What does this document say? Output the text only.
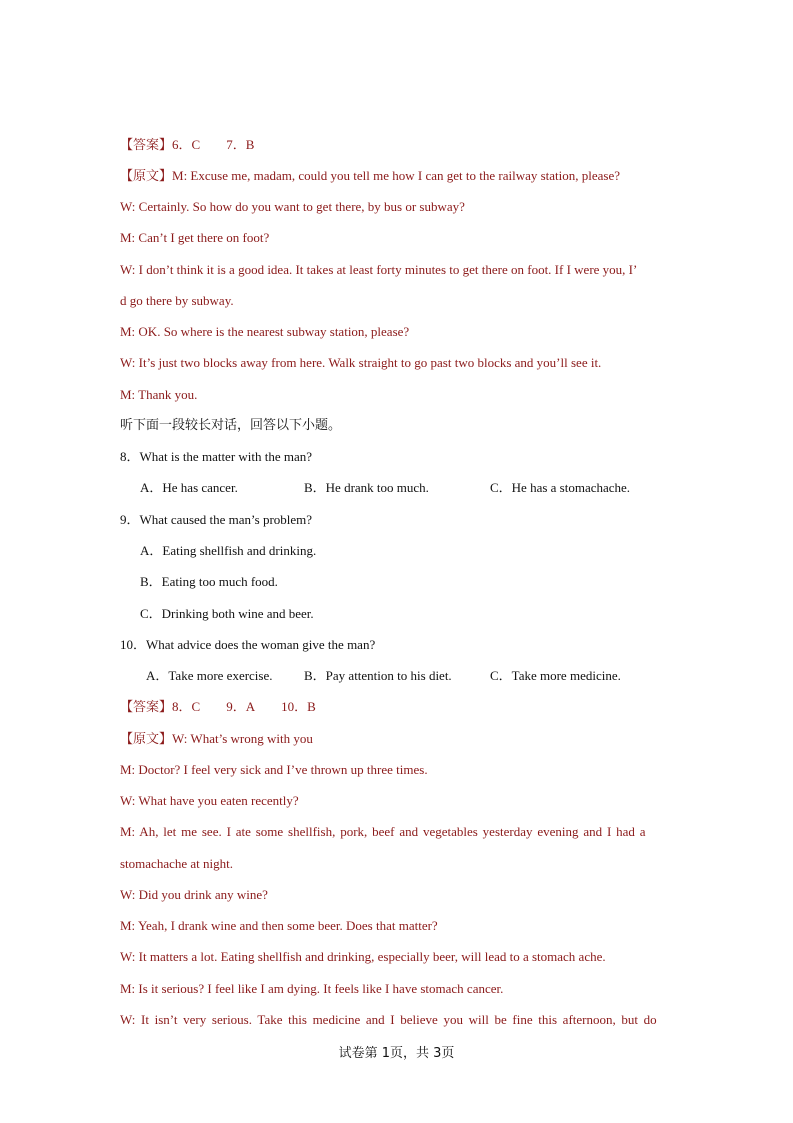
【答案】6．C 7．B
【原文】M: Excuse me, madam, could you tell me how I can get to the railway station, please?
W: Certainly. So how do you want to get there, by bus or subway?
M: Can’t I get there on foot?
W: I don’t think it is a good idea. It takes at least forty minutes to get there on foot. If I were you, I’
d go there by subway.
M: OK. So where is the nearest subway station, please?
W: It’s just two blocks away from here. Walk straight to go past two blocks and you’ll see it.
M: Thank you.
听下面一段较长对话，回答以下小题。
8．What is the matter with the man?
A．He has cancer.	B．He drank too much.	C．He has a stomachache.
9．What caused the man’s problem?
A．Eating shellfish and drinking.
B．Eating too much food.
C．Drinking both wine and beer.
10．What advice does the woman give the man?
A．Take more exercise. B．Pay attention to his diet.	C．Take more medicine.
【答案】8．C 9．A 10．B
【原文】W: What’s wrong with you
M: Doctor? I feel very sick and I’ve thrown up three times.
W: What have you eaten recently?
M: Ah, let me see. I ate some shellfish, pork, beef and vegetables yesterday evening and I had a
stomachache at night.
W: Did you drink any wine?
M: Yeah, I drank wine and then some beer. Does that matter?
W: It matters a lot. Eating shellfish and drinking, especially beer, will lead to a stomach ache.
M: Is it serious? I feel like I am dying. It feels like I have stomach cancer.
W: It isn’t very serious. Take this medicine and I believe you will be fine this afternoon, but do
试卷第 1页，共 3页
